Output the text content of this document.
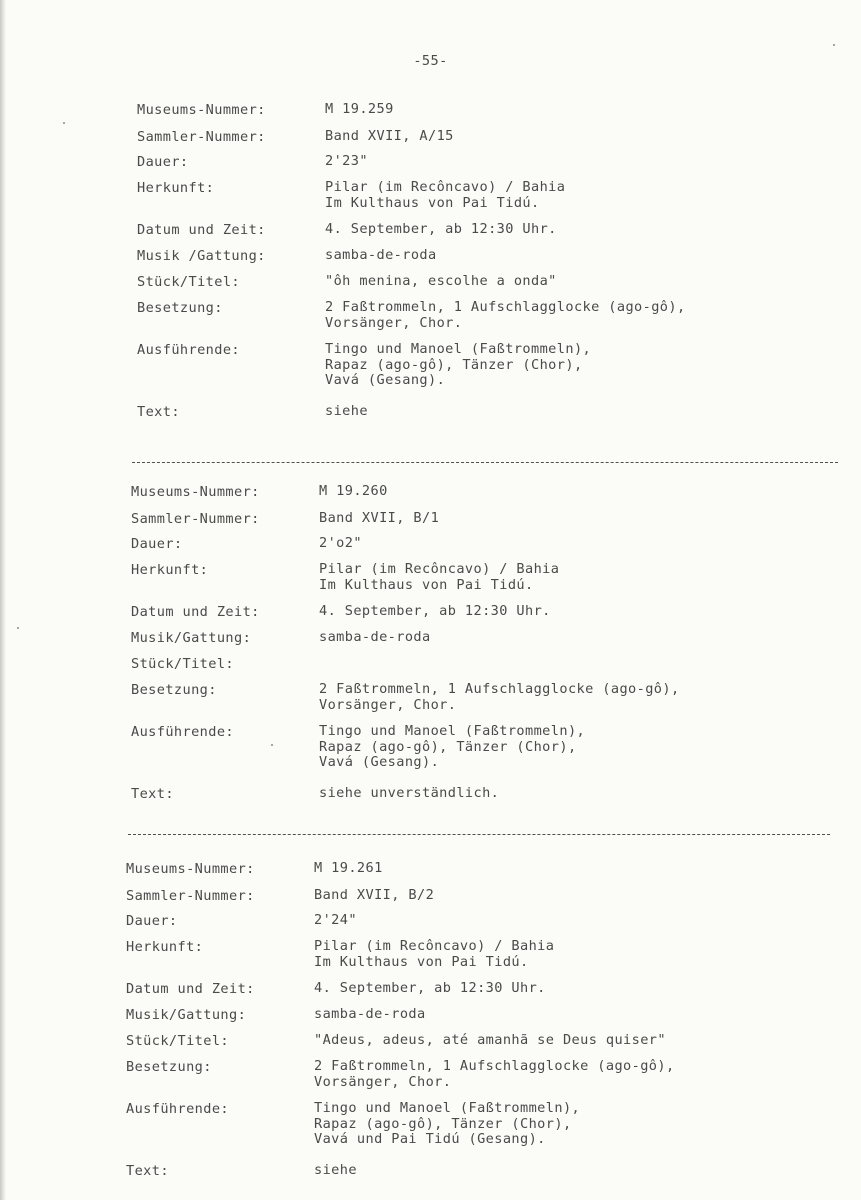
-55-
Museums-Nummer:	M 19.259
Sammler-Nummer:	Band XVII, A/15
Dauer:	2'23"
Herkunft:	Pilar (im Recôncavo) / Bahia
Im Kulthaus von Pai Tidú.
Datum und Zeit:	4. September, ab 12:30 Uhr.
Musik /Gattung:	samba-de-roda
Stück/Titel:	"ôh menina, escolhe a onda"
Besetzung:	2 Faßtrommeln, 1 Aufschlagglocke (ago-gô),
Vorsänger, Chor.
Ausführende:	Tingo und Manoel (Faßtrommeln),
Rapaz (ago-gô), Tänzer (Chor),
Vavá (Gesang).
Text:	siehe
Museums-Nummer:	M 19.260
Sammler-Nummer:	Band XVII, B/1
Dauer:	2'o2"
Herkunft:	Pilar (im Recôncavo) / Bahia
Im Kulthaus von Pai Tidú.
Datum und Zeit:	4. September, ab 12:30 Uhr.
Musik/Gattung:	samba-de-roda
Stück/Titel:
Besetzung:	2 Faßtrommeln, 1 Aufschlagglocke (ago-gô),
Vorsänger, Chor.
Ausführende:	Tingo und Manoel (Faßtrommeln),
Rapaz (ago-gô), Tänzer (Chor),
Vavá (Gesang).
Text:	siehe unverständlich.
Museums-Nummer:	M 19.261
Sammler-Nummer:	Band XVII, B/2
Dauer:	2'24"
Herkunft:	Pilar (im Recôncavo) / Bahia
Im Kulthaus von Pai Tidú.
Datum und Zeit:	4. September, ab 12:30 Uhr.
Musik/Gattung:	samba-de-roda
Stück/Titel:	"Adeus, adeus, até amanhã se Deus quiser"
Besetzung:	2 Faßtrommeln, 1 Aufschlagglocke (ago-gô),
Vorsänger, Chor.
Ausführende:	Tingo und Manoel (Faßtrommeln),
Rapaz (ago-gô), Tänzer (Chor),
Vavá und Pai Tidú (Gesang).
Text:	siehe
